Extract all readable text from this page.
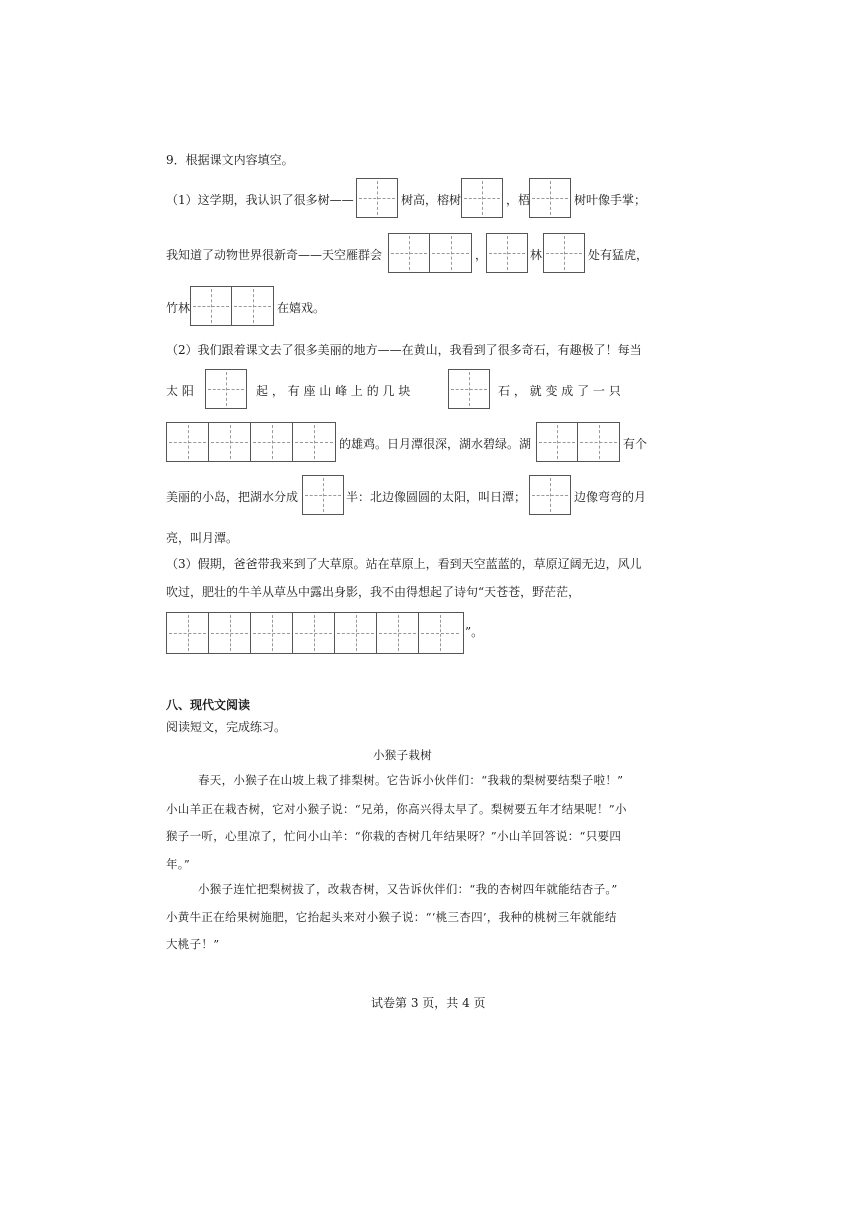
9．根据课文内容填空。
（1）这学期，我认识了很多树——	树高，榕树	，梧	树叶像手掌；
我知道了动物世界很新奇——天空雁群会	，	林	处有猛虎，
竹林	在嬉戏。
（2）我们跟着课文去了很多美丽的地方——在黄山，我看到了很多奇石，有趣极了！每当
太 阳	起 ， 有 座 山 峰 上 的 几 块	石 ， 就 变 成 了 一 只
的雄鸡。日月潭很深，湖水碧绿。湖	有个
美丽的小岛，把湖水分成	半：北边像圆圆的太阳，叫日潭；	边像弯弯的月
亮，叫月潭。
（3）假期，爸爸带我来到了大草原。站在草原上，看到天空蓝蓝的，草原辽阔无边，风儿
吹过，肥壮的牛羊从草丛中露出身影，我不由得想起了诗句“天苍苍，野茫茫，
”。
八、现代文阅读
阅读短文，完成练习。
小猴子栽树
春天，小猴子在山坡上栽了排梨树。它告诉小伙伴们：“我栽的梨树要结梨子啦！”
小山羊正在栽杏树，它对小猴子说：“兄弟，你高兴得太早了。梨树要五年才结果呢！”小
猴子一听，心里凉了，忙问小山羊：“你栽的杏树几年结果呀？”小山羊回答说：“只要四
年。”
小猴子连忙把梨树拔了，改栽杏树，又告诉伙伴们：“我的杏树四年就能结杏子。”
小黄牛正在给果树施肥，它抬起头来对小猴子说：“‘桃三杏四’，我种的桃树三年就能结
大桃子！”
试卷第 3 页，共 4 页
